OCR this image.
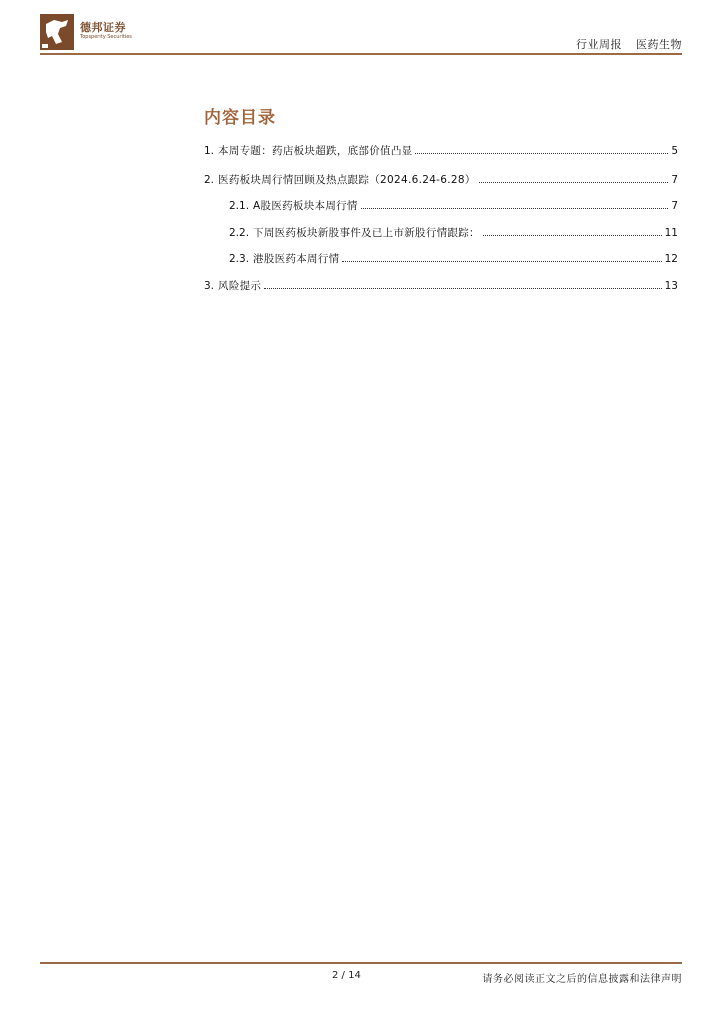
德邦证券
Topsperity Securities
行业周报 医药生物
内容目录
1. 本周专题：药店板块超跌，底部价值凸显	5
2. 医药板块周行情回顾及热点跟踪（2024.6.24-6.28）	7
2.1. A股医药板块本周行情	7
2.2. 下周医药板块新股事件及已上市新股行情跟踪：	11
2.3. 港股医药本周行情	12
3. 风险提示	13
2 / 14	请务必阅读正文之后的信息披露和法律声明
